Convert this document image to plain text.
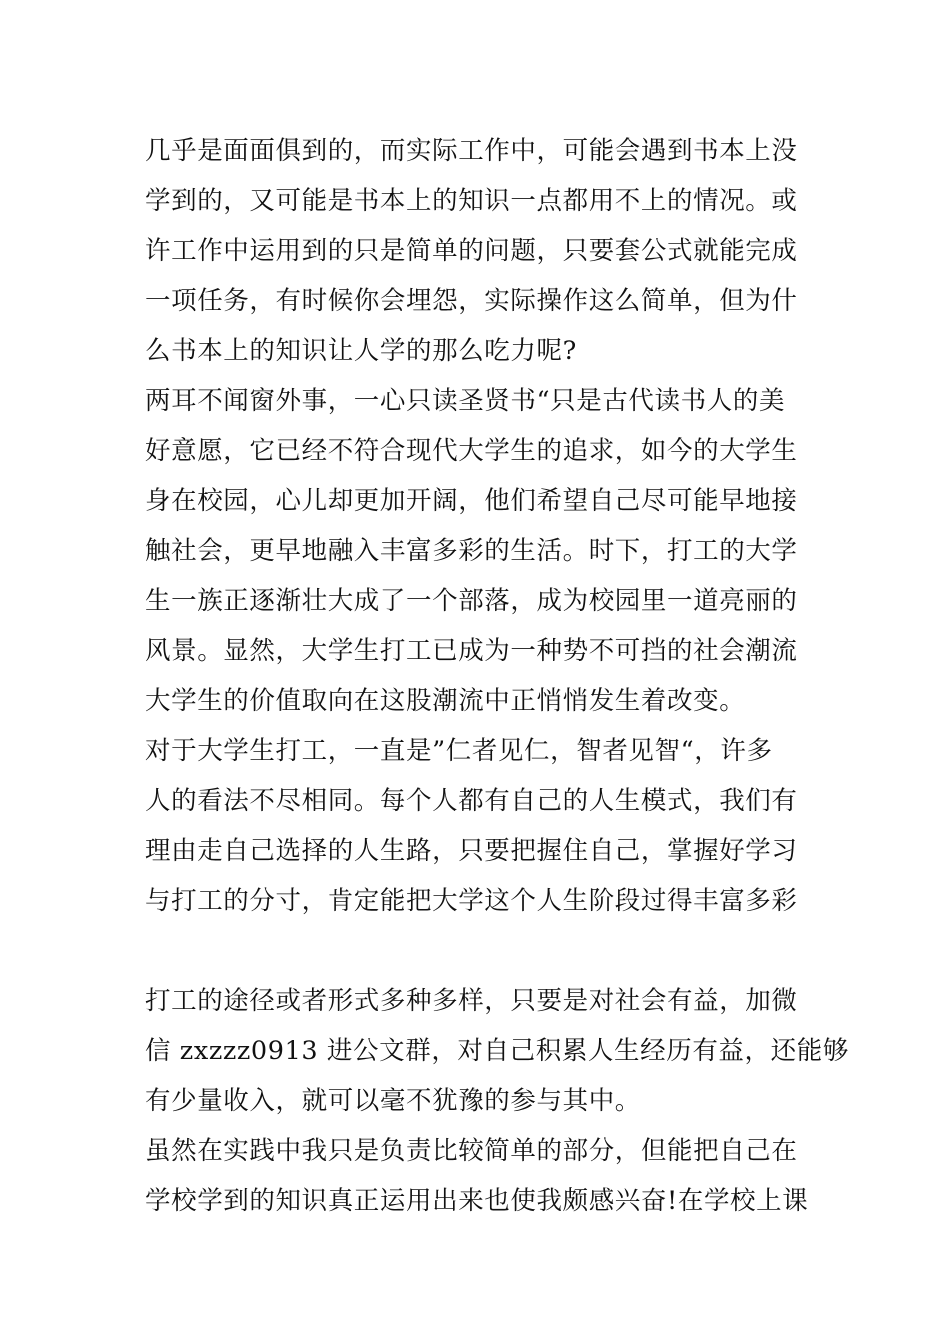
几乎是面面俱到的，而实际工作中，可能会遇到书本上没

学到的，又可能是书本上的知识一点都用不上的情况。或

许工作中运用到的只是简单的问题，只要套公式就能完成

一项任务，有时候你会埋怨，实际操作这么简单，但为什

么书本上的知识让人学的那么吃力呢?

两耳不闻窗外事，一心只读圣贤书“只是古代读书人的美

好意愿，它已经不符合现代大学生的追求，如今的大学生

身在校园，心儿却更加开阔，他们希望自己尽可能早地接

触社会，更早地融入丰富多彩的生活。时下，打工的大学

生一族正逐渐壮大成了一个部落，成为校园里一道亮丽的

风景。显然，大学生打工已成为一种势不可挡的社会潮流

大学生的价值取向在这股潮流中正悄悄发生着改变。

对于大学生打工，一直是”仁者见仁，智者见智“，许多

人的看法不尽相同。每个人都有自己的人生模式，我们有

理由走自己选择的人生路，只要把握住自己，掌握好学习

与打工的分寸，肯定能把大学这个人生阶段过得丰富多彩

打工的途径或者形式多种多样，只要是对社会有益，加微

信 zxzzz0913 进公文群，对自己积累人生经历有益，还能够

有少量收入，就可以毫不犹豫的参与其中。

虽然在实践中我只是负责比较简单的部分，但能把自己在

学校学到的知识真正运用出来也使我颇感兴奋!在学校上课
